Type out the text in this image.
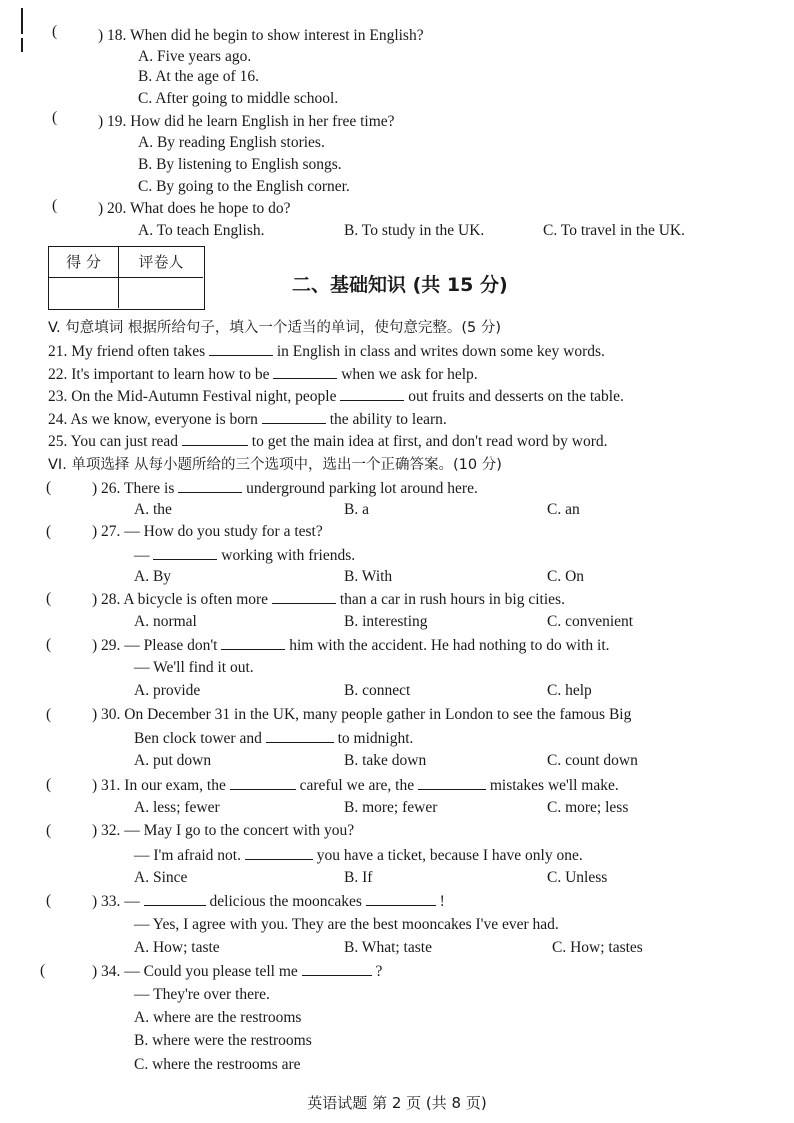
(	) 18. When did he begin to show interest in English?
A. Five years ago.
B. At the age of 16.
C. After going to middle school.
(	) 19. How did he learn English in her free time?
A. By reading English stories.
B. By listening to English songs.
C. By going to the English corner.
(	) 20. What does he hope to do?
A. To teach English.	B. To study in the UK.	C. To travel in the UK.
得 分	评卷人
二、基础知识 (共 15 分)
V. 句意填词 根据所给句子，填入一个适当的单词，使句意完整。(5 分)
21. My friend often takes	in English in class and writes down some key words.
22. It's important to learn how to be	when we ask for help.
23. On the Mid-Autumn Festival night, people	out fruits and desserts on the table.
24. As we know, everyone is born	the ability to learn.
25. You can just read	to get the main idea at first, and don't read word by word.
VI. 单项选择 从每小题所给的三个选项中，选出一个正确答案。(10 分)
(	) 26. There is	underground parking lot around here.
A. the	B. a	C. an
(	) 27. — How do you study for a test?
—	working with friends.
A. By	B. With	C. On
(	) 28. A bicycle is often more	than a car in rush hours in big cities.
A. normal	B. interesting	C. convenient
(	) 29. — Please don't	him with the accident. He had nothing to do with it.
— We'll find it out.
A. provide	B. connect	C. help
(	) 30. On December 31 in the UK, many people gather in London to see the famous Big
Ben clock tower and	to midnight.
A. put down	B. take down	C. count down
(	) 31. In our exam, the	careful we are, the	mistakes we'll make.
A. less; fewer	B. more; fewer	C. more; less
(	) 32. — May I go to the concert with you?
— I'm afraid not.	you have a ticket, because I have only one.
A. Since	B. If	C. Unless
(	) 33. —	delicious the mooncakes	!
— Yes, I agree with you. They are the best mooncakes I've ever had.
A. How; taste	B. What; taste	C. How; tastes
(	) 34. — Could you please tell me	?
— They're over there.
A. where are the restrooms
B. where were the restrooms
C. where the restrooms are
英语试题 第 2 页 (共 8 页)
